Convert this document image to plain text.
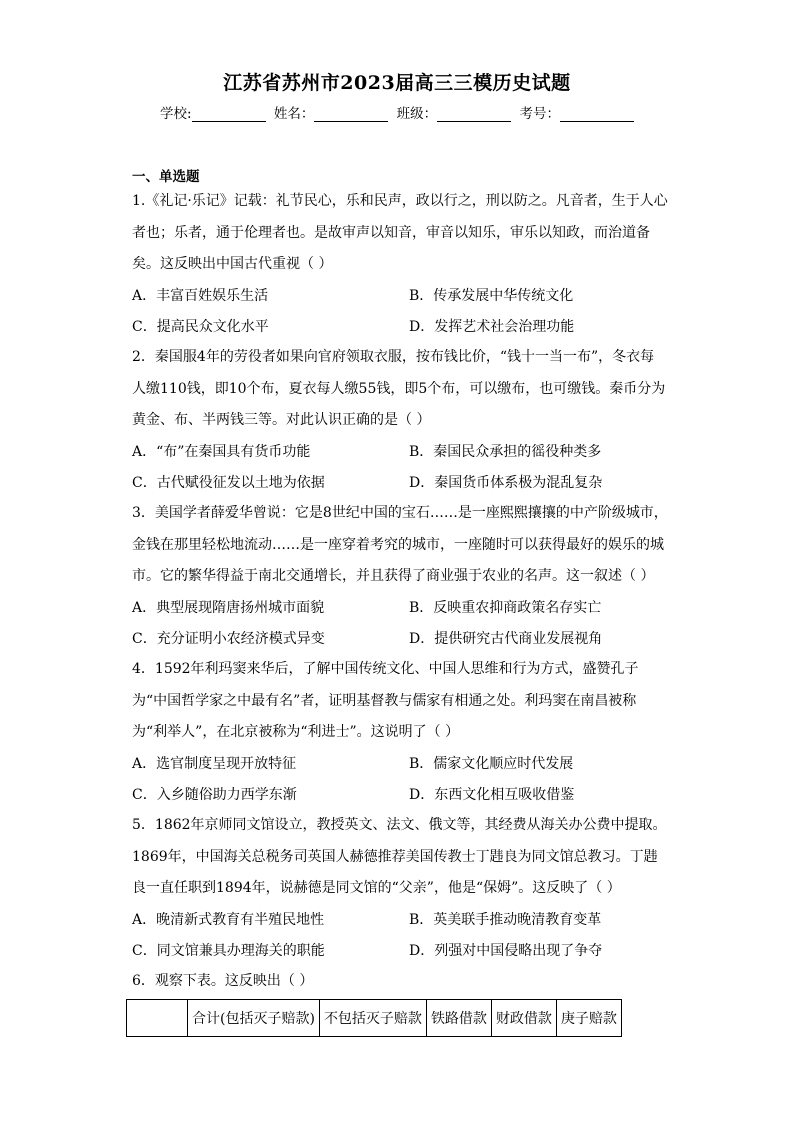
江苏省苏州市2023届高三三模历史试题
学校:	姓名：	班级：	考号：
一、单选题

1.《礼记·乐记》记载：礼节民心，乐和民声，政以行之，刑以防之。凡音者，生于人心者也；乐者，通于伦理者也。是故审声以知音，审音以知乐，审乐以知政，而治道备矣。这反映出中国古代重视（ ）

A．丰富百姓娱乐生活	B．传承发展中华传统文化
C．提高民众文化水平	D．发挥艺术社会治理功能

2．秦国服4年的劳役者如果向官府领取衣服，按布钱比价，“钱十一当一布”，冬衣每人缴110钱，即10个布，夏衣每人缴55钱，即5个布，可以缴布，也可缴钱。秦币分为黄金、布、半两钱三等。对此认识正确的是（ ）

A．“布”在秦国具有货币功能	B．秦国民众承担的徭役种类多
C．古代赋役征发以土地为依据	D．秦国货币体系极为混乱复杂

3．美国学者薛爱华曾说：它是8世纪中国的宝石……是一座熙熙攘攘的中产阶级城市，金钱在那里轻松地流动……是一座穿着考究的城市，一座随时可以获得最好的娱乐的城市。它的繁华得益于南北交通增长，并且获得了商业强于农业的名声。这一叙述（ ）

A．典型展现隋唐扬州城市面貌	B．反映重农抑商政策名存实亡
C．充分证明小农经济模式异变	D．提供研究古代商业发展视角

4．1592年利玛窦来华后，了解中国传统文化、中国人思维和行为方式，盛赞孔子为“中国哲学家之中最有名”者，证明基督教与儒家有相通之处。利玛窦在南昌被称为“利举人”，在北京被称为“利进士”。这说明了（ ）

A．选官制度呈现开放特征	B．儒家文化顺应时代发展
C．入乡随俗助力西学东渐	D．东西文化相互吸收借鉴

5．1862年京师同文馆设立，教授英文、法文、俄文等，其经费从海关办公费中提取。1869年，中国海关总税务司英国人赫德推荐美国传教士丁韪良为同文馆总教习。丁韪良一直任职到1894年，说赫德是同文馆的“父亲”，他是“保姆”。这反映了（ ）

A．晚清新式教育有半殖民地性	B．英美联手推动晚清教育变革
C．同文馆兼具办理海关的职能	D．列强对中国侵略出现了争夺

6．观察下表。这反映出（ ）

	合计(包括灭子赔款)	不包括灭子赔款	铁路借款	财政借款	庚子赔款
